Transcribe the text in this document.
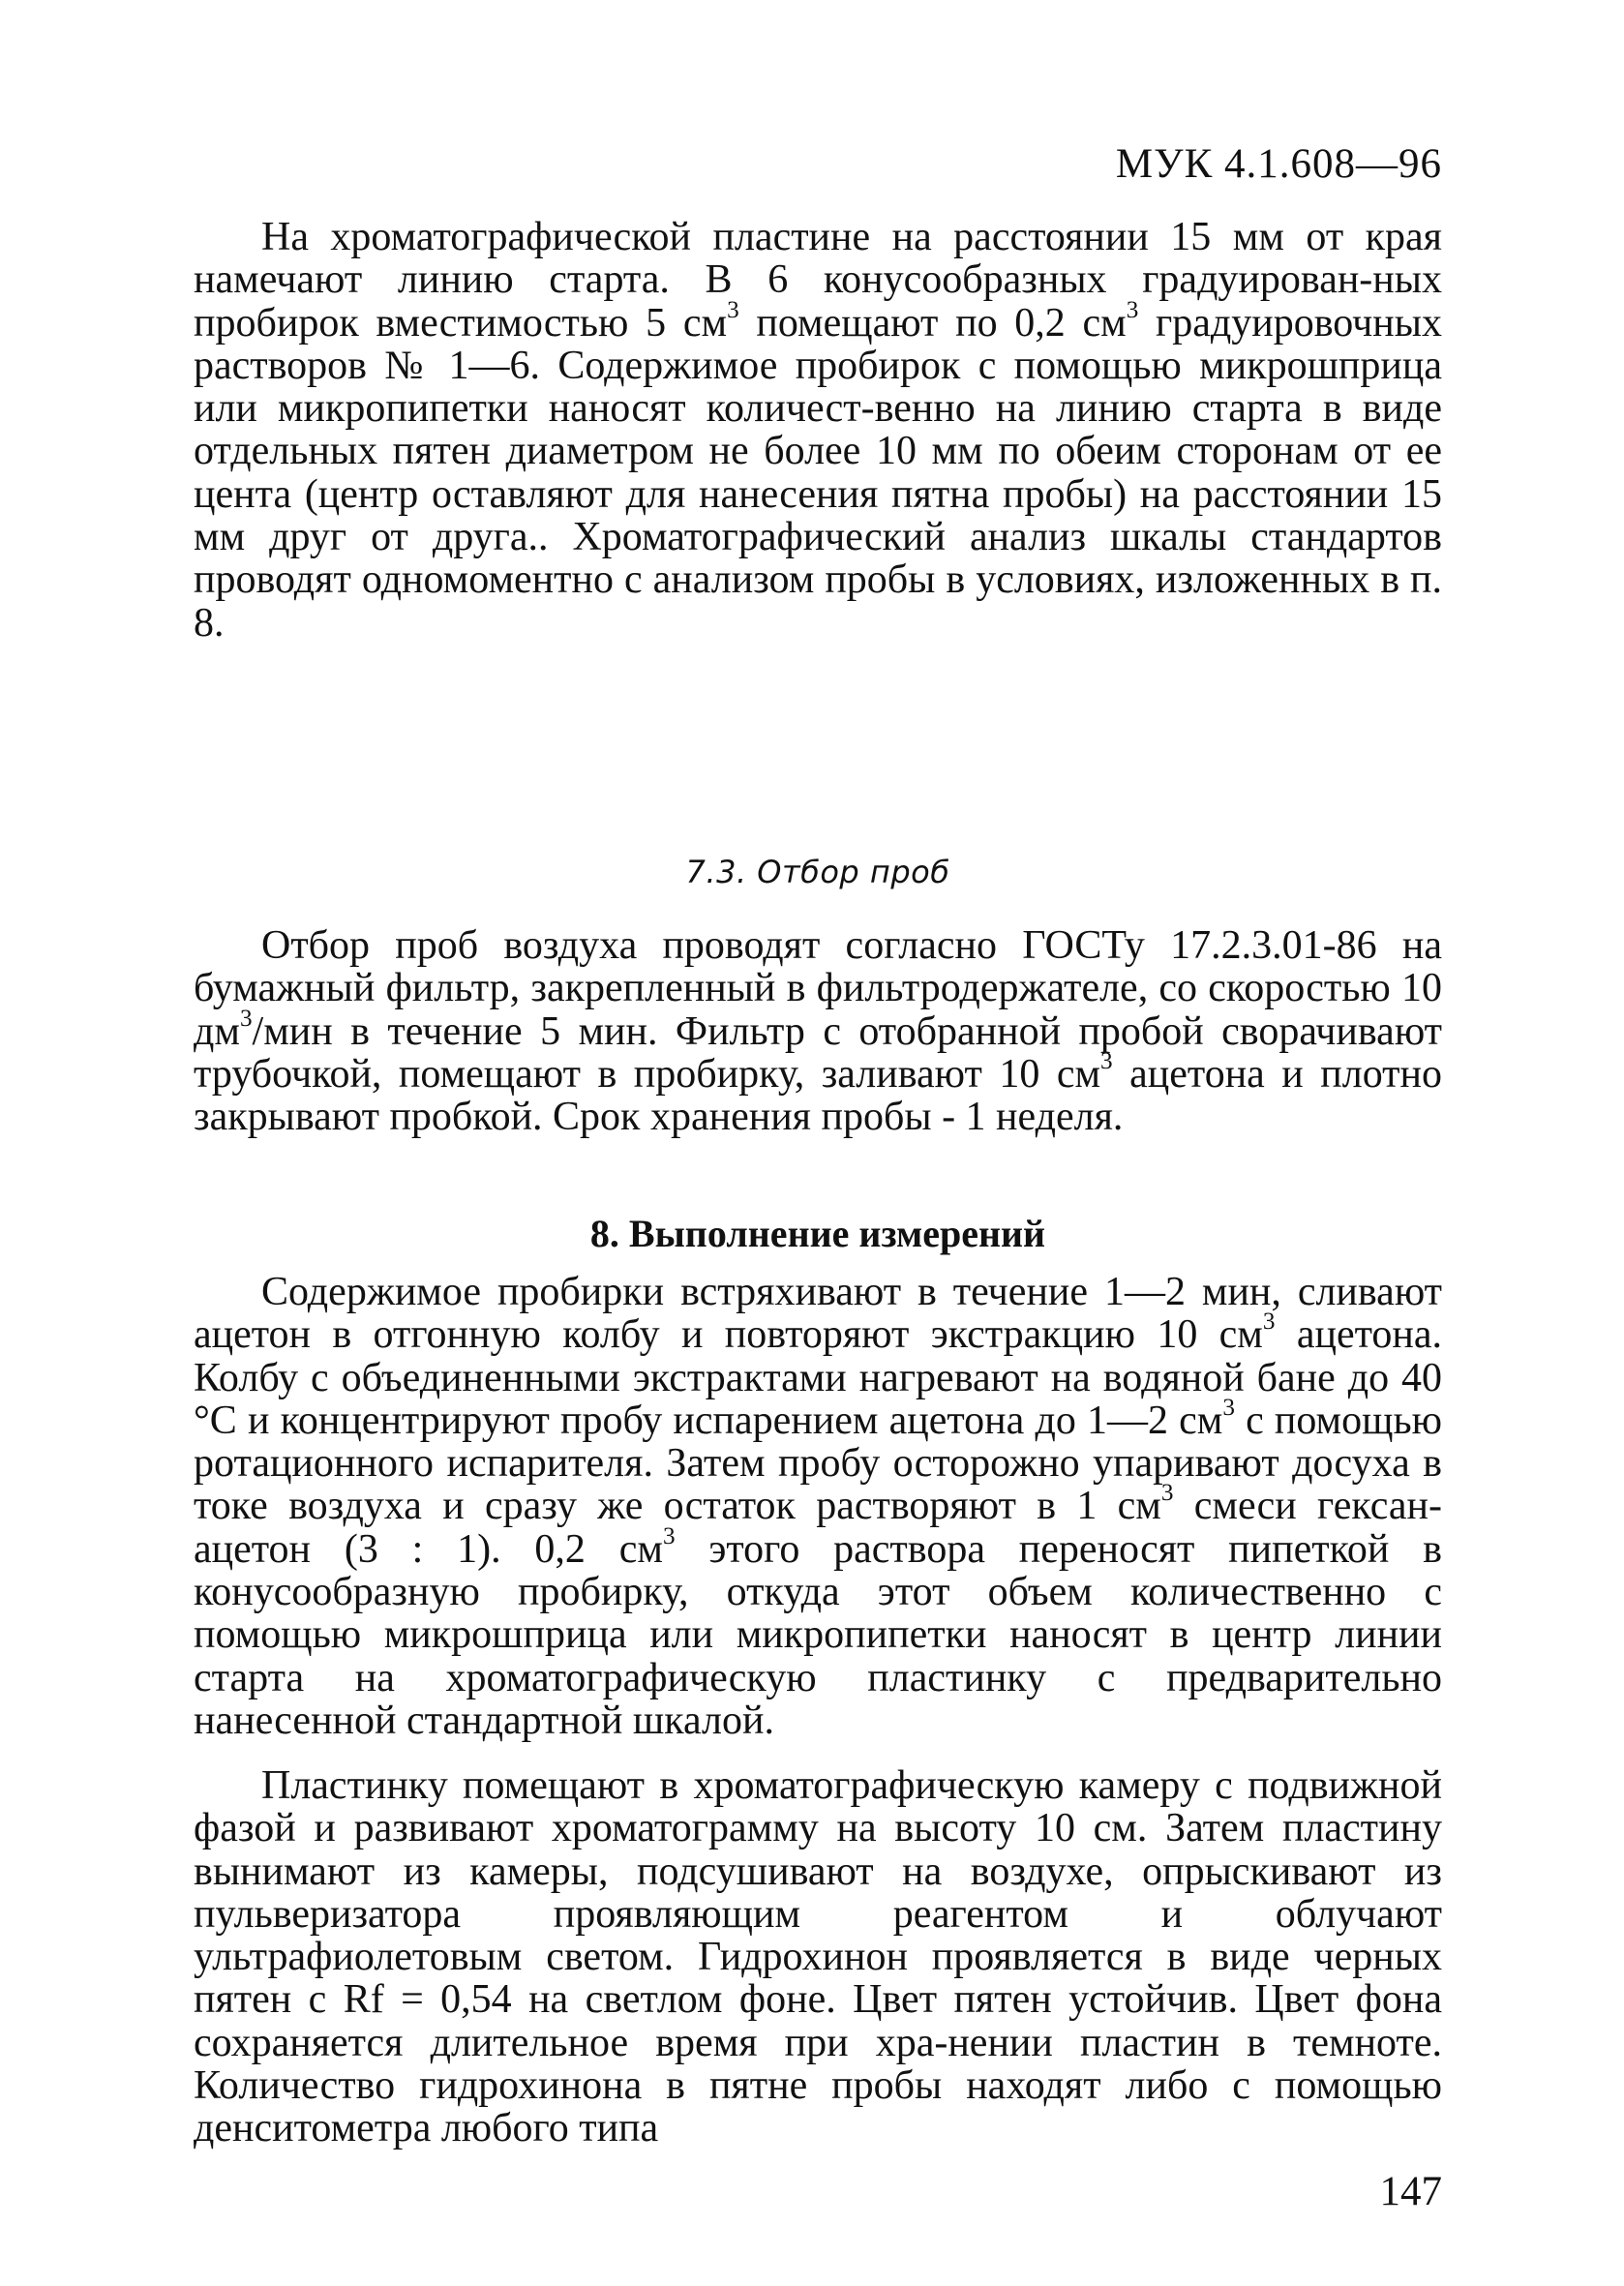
МУК 4.1.608—96

На хроматографической пластине на расстоянии 15 мм от края намечают линию старта. В 6 конусообразных градуирован-ных пробирок вместимостью 5 $см^3$ помещают по 0,2 $см^3$ градуировочных растворов № 1—6. Содержимое пробирок с помощью микрошприца или микропипетки наносят количест-венно на линию старта в виде отдельных пятен диаметром не более 10 мм по обеим сторонам от ее цента (центр оставляют для нанесения пятна пробы) на расстоянии 15 мм друг от друга.. Хроматографический анализ шкалы стандартов проводят одномоментно с анализом пробы в условиях, изложенных в п. 8.

7.3. Отбор проб

Отбор проб воздуха проводят согласно ГОСТу 17.2.3.01-86 на бумажный фильтр, закрепленный в фильтродержателе, со скоростью 10 $дм^3$/мин в течение 5 мин. Фильтр с отобранной пробой сворачивают трубочкой, помещают в пробирку, заливают 10 $см^3$ ацетона и плотно закрывают пробкой. Срок хранения пробы - 1 неделя.

8. Выполнение измерений

Содержимое пробирки встряхивают в течение 1—2 мин, сливают ацетон в отгонную колбу и повторяют экстракцию 10 $см^3$ ацетона. Колбу с объединенными экстрактами нагревают на водяной бане до 40 °С и концентрируют пробу испарением ацетона до 1—2 $см^3$ с помощью ротационного испарителя. Затем пробу осторожно упаривают досуха в токе воздуха и сразу же остаток растворяют в 1 $см^3$ смеси гексан-ацетон (3 : 1). 0,2 $см^3$ этого раствора переносят пипеткой в конусообразную пробирку, откуда этот объем количественно с помощью микрошприца или микропипетки наносят в центр линии старта на хроматографическую пластинку с предварительно нанесенной стандартной шкалой.

Пластинку помещают в хроматографическую камеру с подвижной фазой и развивают хроматограмму на высоту 10 см. Затем пластину вынимают из камеры, подсушивают на воздухе, опрыскивают из пульверизатора проявляющим реагентом и облучают ультрафиолетовым светом. Гидрохинон проявляется в виде черных пятен с Rf = 0,54 на светлом фоне. Цвет пятен устойчив. Цвет фона сохраняется длительное время при хра-нении пластин в темноте. Количество гидрохинона в пятне пробы находят либо с помощью денситометра любого типа

147
